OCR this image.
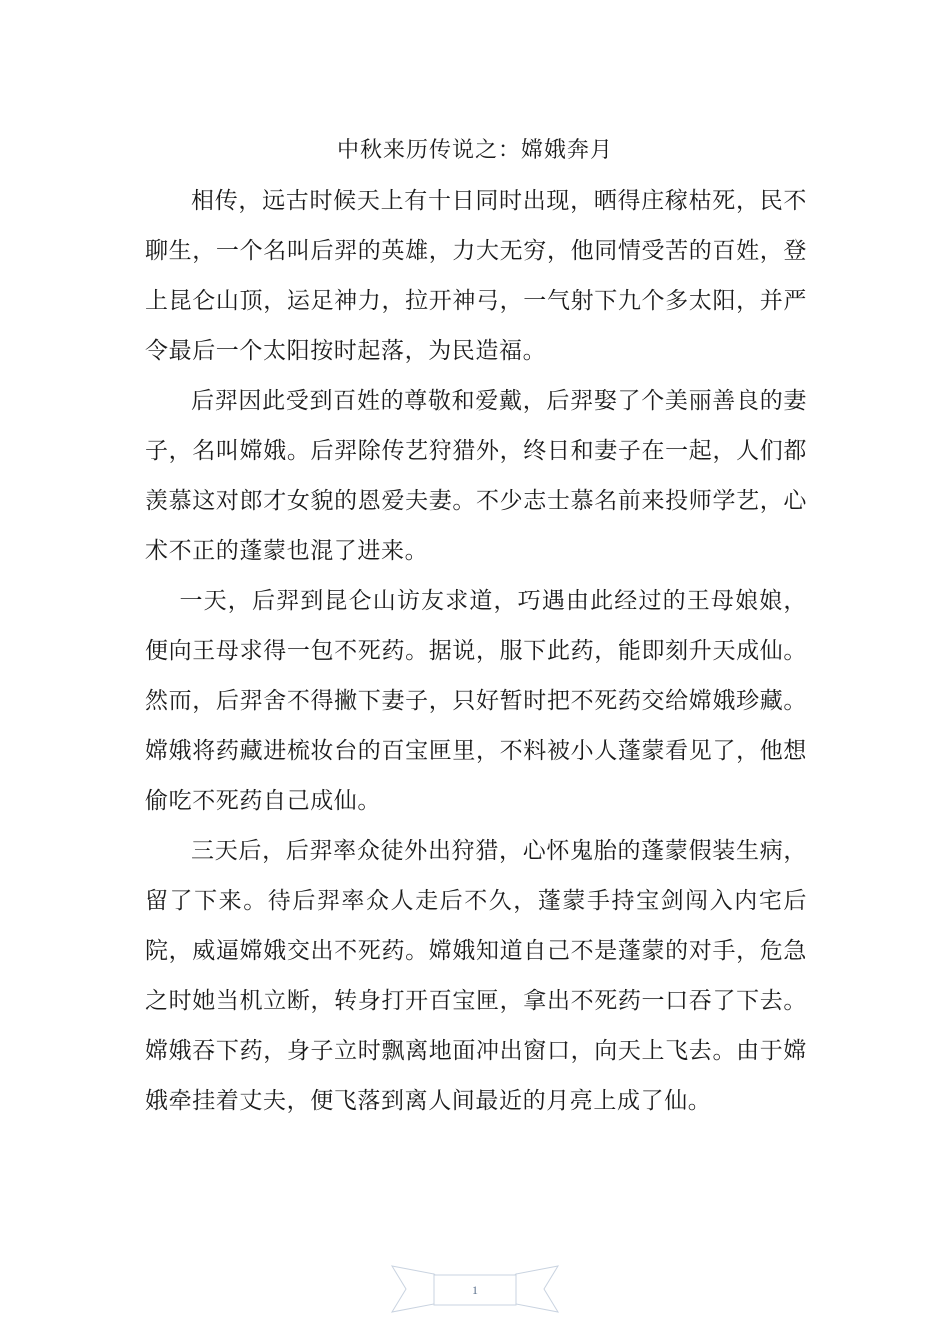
中秋来历传说之：嫦娥奔月

相传，远古时候天上有十日同时出现，晒得庄稼枯死，民不聊生，一个名叫后羿的英雄，力大无穷，他同情受苦的百姓，登上昆仑山顶，运足神力，拉开神弓，一气射下九个多太阳，并严令最后一个太阳按时起落，为民造福。

后羿因此受到百姓的尊敬和爱戴，后羿娶了个美丽善良的妻子，名叫嫦娥。后羿除传艺狩猎外，终日和妻子在一起，人们都羡慕这对郎才女貌的恩爱夫妻。不少志士慕名前来投师学艺，心术不正的蓬蒙也混了进来。

一天，后羿到昆仑山访友求道，巧遇由此经过的王母娘娘，便向王母求得一包不死药。据说，服下此药，能即刻升天成仙。然而，后羿舍不得撇下妻子，只好暂时把不死药交给嫦娥珍藏。嫦娥将药藏进梳妆台的百宝匣里，不料被小人蓬蒙看见了，他想偷吃不死药自己成仙。

三天后，后羿率众徒外出狩猎，心怀鬼胎的蓬蒙假装生病，留了下来。待后羿率众人走后不久，蓬蒙手持宝剑闯入内宅后院，威逼嫦娥交出不死药。嫦娥知道自己不是蓬蒙的对手，危急之时她当机立断，转身打开百宝匣，拿出不死药一口吞了下去。嫦娥吞下药，身子立时飘离地面冲出窗口，向天上飞去。由于嫦娥牵挂着丈夫，便飞落到离人间最近的月亮上成了仙。

1
